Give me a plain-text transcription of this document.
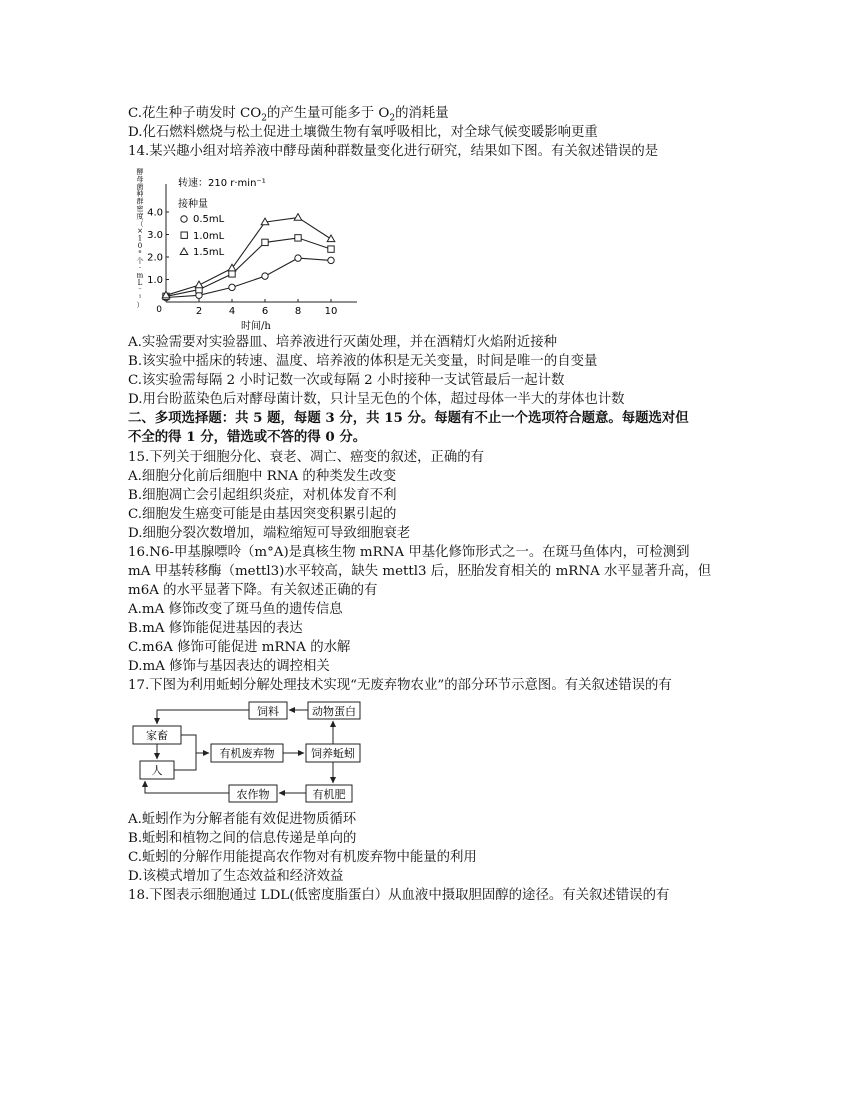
C.花生种子萌发时 $CO_2$的产生量可能多于 $O_2$的消耗量
D.化石燃料燃烧与松土促进土壤微生物有氧呼吸相比，对全球气候变暖影响更重
14.某兴趣小组对培养液中酵母菌种群数量变化进行研究，结果如下图。有关叙述错误的是
酵
母
菌
种
群
密
度
（
×
1
0
⁶
个
·
m
L
⁻
¹
）
转速：210 r·min⁻¹
接种量
0.5mL
1.0mL
1.5mL
2	4	6	8 10
1.0
2.0
3.0
4.0
0
时间/h
A.实验需要对实验器皿、培养液进行灭菌处理，并在酒精灯火焰附近接种
B.该实验中摇床的转速、温度、培养液的体积是无关变量，时间是唯一的自变量
C.该实验需每隔 2 小时记数一次或每隔 2 小时接种一支试管最后一起计数
D.用台盼蓝染色后对酵母菌计数，只计呈无色的个体，超过母体一半大的芽体也计数
二、多项选择题：共 5 题，每题 3 分，共 15 分。每题有不止一个选项符合题意。每题选对但
不全的得 1 分，错选或不答的得 0 分。
15.下列关于细胞分化、衰老、凋亡、癌变的叙述，正确的有
A.细胞分化前后细胞中 RNA 的种类发生改变
B.细胞凋亡会引起组织炎症，对机体发育不利
C.细胞发生癌变可能是由基因突变积累引起的
D.细胞分裂次数增加，端粒缩短可导致细胞衰老
16.N6-甲基腺嘌呤（m°A)是真核生物 mRNA 甲基化修饰形式之一。在斑马鱼体内，可检测到
mA 甲基转移酶（mettl3)水平较高，缺失 mettl3 后，胚胎发育相关的 mRNA 水平显著升高，但
m6A 的水平显著下降。有关叙述正确的有
A.mA 修饰改变了斑马鱼的遗传信息
B.mA 修饰能促进基因的表达
C.m6A 修饰可能促进 mRNA 的水解
D.mA 修饰与基因表达的调控相关
17.下图为利用蚯蚓分解处理技术实现“无废弃物农业”的部分环节示意图。有关叙述错误的有
饲料	动物蛋白
家畜
人
有机废弃物	饲养蚯蚓
农作物	有机肥
A.蚯蚓作为分解者能有效促进物质循环
B.蚯蚓和植物之间的信息传递是单向的
C.蚯蚓的分解作用能提高农作物对有机废弃物中能量的利用
D.该模式增加了生态效益和经济效益
18.下图表示细胞通过 LDL(低密度脂蛋白）从血液中摄取胆固醇的途径。有关叙述错误的有
